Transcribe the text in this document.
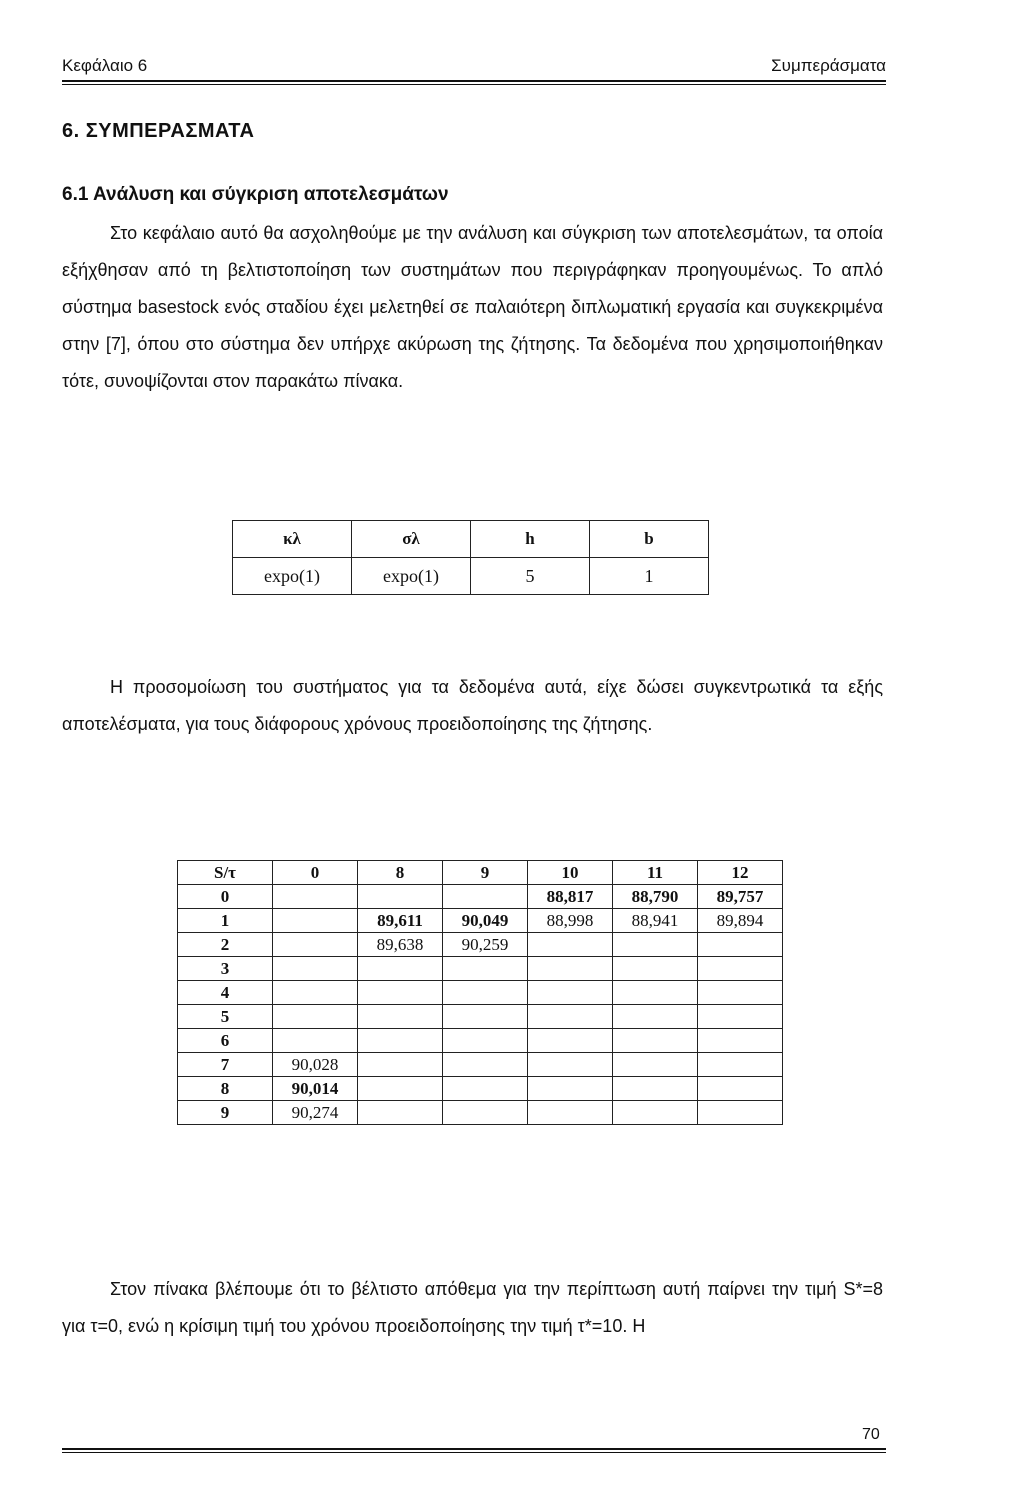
Κεφάλαιο 6	Συμπεράσματα
6. ΣΥΜΠΕΡΑΣΜΑΤΑ
6.1 Ανάλυση και σύγκριση αποτελεσμάτων
Στο κεφάλαιο αυτό θα ασχοληθούμε με την ανάλυση και σύγκριση των αποτελεσμάτων, τα οποία εξήχθησαν από τη βελτιστοποίηση των συστημάτων που περιγράφηκαν προηγουμένως. Το απλό σύστημα basestock ενός σταδίου έχει μελετηθεί σε παλαιότερη διπλωματική εργασία και συγκεκριμένα στην [7], όπου στο σύστημα δεν υπήρχε ακύρωση της ζήτησης. Τα δεδομένα που χρησιμοποιήθηκαν τότε, συνοψίζονται στον παρακάτω πίνακα.
κλ	σλ	h	b
expo(1)	expo(1)	5	1
Η προσομοίωση του συστήματος για τα δεδομένα αυτά, είχε δώσει συγκεντρωτικά τα εξής αποτελέσματα, για τους διάφορους χρόνους προειδοποίησης της ζήτησης.
S/τ	0	8	9	10	11	12
0				88,817	88,790	89,757
1		89,611	90,049	88,998	88,941	89,894
2		89,638	90,259			
3						
4						
5						
6						
7	90,028					
8	90,014					
9	90,274					
Στον πίνακα βλέπουμε ότι το βέλτιστο απόθεμα για την περίπτωση αυτή παίρνει την τιμή S*=8 για τ=0, ενώ η κρίσιμη τιμή του χρόνου προειδοποίησης την τιμή τ*=10. Η
70
